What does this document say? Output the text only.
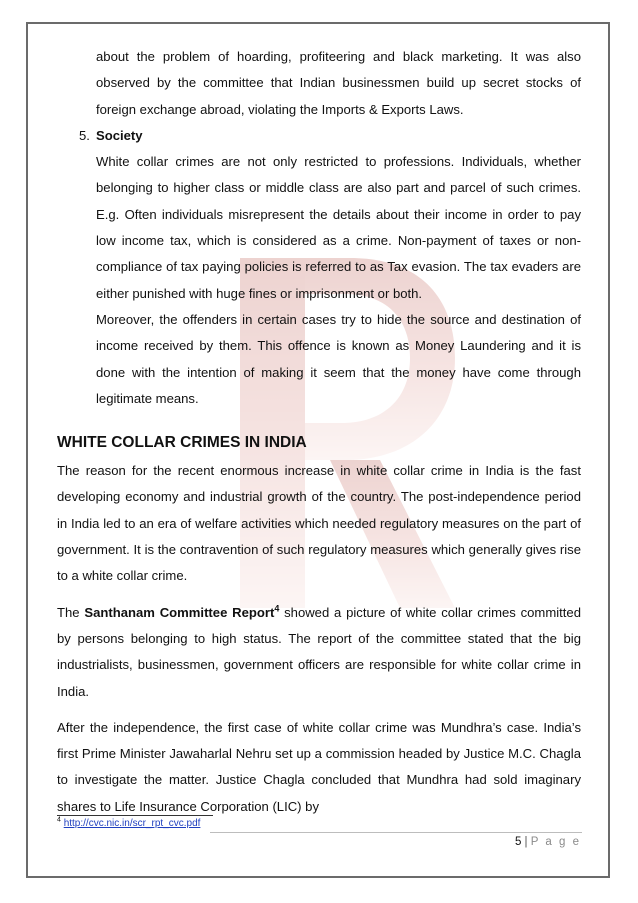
about the problem of hoarding, profiteering and black marketing. It was also observed by the committee that Indian businessmen build up secret stocks of foreign exchange abroad, violating the Imports & Exports Laws.
5. Society
White collar crimes are not only restricted to professions. Individuals, whether belonging to higher class or middle class are also part and parcel of such crimes. E.g. Often individuals misrepresent the details about their income in order to pay low income tax, which is considered as a crime. Non-payment of taxes or non-compliance of tax paying policies is referred to as Tax evasion. The tax evaders are either punished with huge fines or imprisonment or both.
Moreover, the offenders in certain cases try to hide the source and destination of income received by them. This offence is known as Money Laundering and it is done with the intention of making it seem that the money have come through legitimate means.
WHITE COLLAR CRIMES IN INDIA
The reason for the recent enormous increase in white collar crime in India is the fast developing economy and industrial growth of the country. The post-independence period in India led to an era of welfare activities which needed regulatory measures on the part of government. It is the contravention of such regulatory measures which generally gives rise to a white collar crime.
The Santhanam Committee Report$^4$ showed a picture of white collar crimes committed by persons belonging to high status. The report of the committee stated that the big industrialists, businessmen, government officers are responsible for white collar crime in India.
After the independence, the first case of white collar crime was Mundhra’s case. India’s first Prime Minister Jawaharlal Nehru set up a commission headed by Justice M.C. Chagla to investigate the matter. Justice Chagla concluded that Mundhra had sold imaginary shares to Life Insurance Corporation (LIC) by
$^4$ http://cvc.nic.in/scr_rpt_cvc.pdf
5 | P a g e
